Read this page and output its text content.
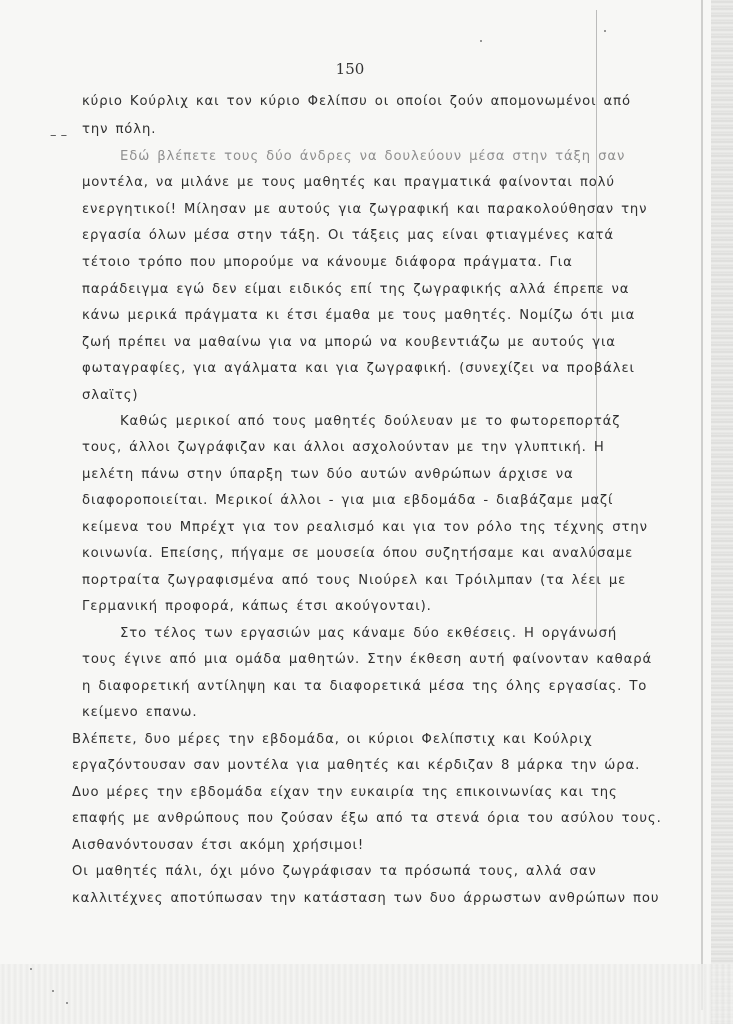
150
– –
κύριο Κούρλιχ και τον κύριο Φελίπσυ οι οποίοι ζούν απομονωμένοι από
την πόλη.
Εδώ βλέπετε τους δύο άνδρες να δουλεύουν μέσα στην τάξη σαν
μοντέλα, να μιλάνε με τους μαθητές και πραγματικά φαίνονται πολύ
ενεργητικοί! Μίλησαν με αυτούς για ζωγραφική και παρακολούθησαν την
εργασία όλων μέσα στην τάξη. Οι τάξεις μας είναι φτιαγμένες κατά
τέτοιο τρόπο που μπορούμε να κάνουμε διάφορα πράγματα. Για
παράδειγμα εγώ δεν είμαι ειδικός επί της ζωγραφικής αλλά έπρεπε να
κάνω μερικά πράγματα κι έτσι έμαθα με τους μαθητές. Νομίζω ότι μια
ζωή πρέπει να μαθαίνω για να μπορώ να κουβεντιάζω με αυτούς για
φωταγραφίες, για αγάλματα και για ζωγραφική. (συνεχίζει να προβάλει
σλαϊτς)
Καθώς μερικοί από τους μαθητές δούλευαν με το φωτορεπορτάζ
τους, άλλοι ζωγράφιζαν και άλλοι ασχολούνταν με την γλυπτική. Η
μελέτη πάνω στην ύπαρξη των δύο αυτών ανθρώπων άρχισε να
διαφοροποιείται. Μερικοί άλλοι - για μια εβδομάδα - διαβάζαμε μαζί
κείμενα του Μπρέχτ για τον ρεαλισμό και για τον ρόλο της τέχνης στην
κοινωνία. Επείσης, πήγαμε σε μουσεία όπου συζητήσαμε και αναλύσαμε
πορτραίτα ζωγραφισμένα από τους Νιούρελ και Τρόιλμπαν (τα λέει με
Γερμανική προφορά, κάπως έτσι ακούγονται).
Στο τέλος των εργασιών μας κάναμε δύο εκθέσεις. Η οργάνωσή
τους έγινε από μια ομάδα μαθητών. Στην έκθεση αυτή φαίνονταν καθαρά
η διαφορετική αντίληψη και τα διαφορετικά μέσα της όλης εργασίας. Το
κείμενο επανω.
Βλέπετε, δυο μέρες την εβδομάδα, οι κύριοι Φελίπστιχ και Κούλριχ
εργαζόντουσαν σαν μοντέλα για μαθητές και κέρδιζαν 8 μάρκα την ώρα.
Δυο μέρες την εβδομάδα είχαν την ευκαιρία της επικοινωνίας και της
επαφής με ανθρώπους που ζούσαν έξω από τα στενά όρια του ασύλου τους.
Αισθανόντουσαν έτσι ακόμη χρήσιμοι!
Οι μαθητές πάλι, όχι μόνο ζωγράφισαν τα πρόσωπά τους, αλλά σαν
καλλιτέχνες αποτύπωσαν την κατάσταση των δυο άρρωστων ανθρώπων που
